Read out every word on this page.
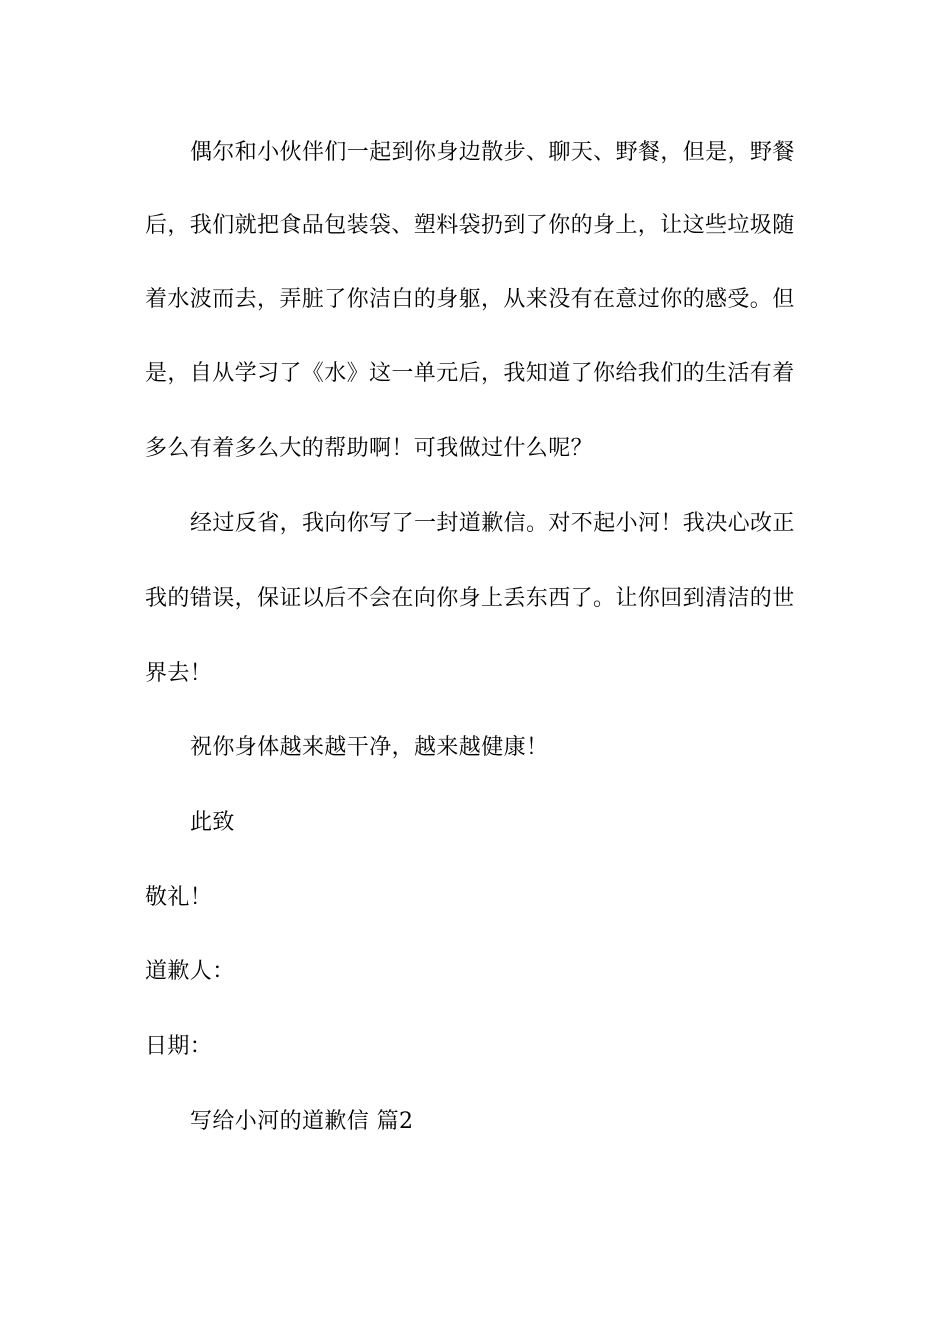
偶尔和小伙伴们一起到你身边散步、聊天、野餐，但是，野餐
后，我们就把食品包装袋、塑料袋扔到了你的身上，让这些垃圾随
着水波而去，弄脏了你洁白的身躯，从来没有在意过你的感受。但
是，自从学习了《水》这一单元后，我知道了你给我们的生活有着
多么有着多么大的帮助啊！可我做过什么呢？
经过反省，我向你写了一封道歉信。对不起小河！我决心改正
我的错误，保证以后不会在向你身上丢东西了。让你回到清洁的世
界去！
祝你身体越来越干净，越来越健康！
此致
敬礼！
道歉人：
日期：
写给小河的道歉信 篇2
